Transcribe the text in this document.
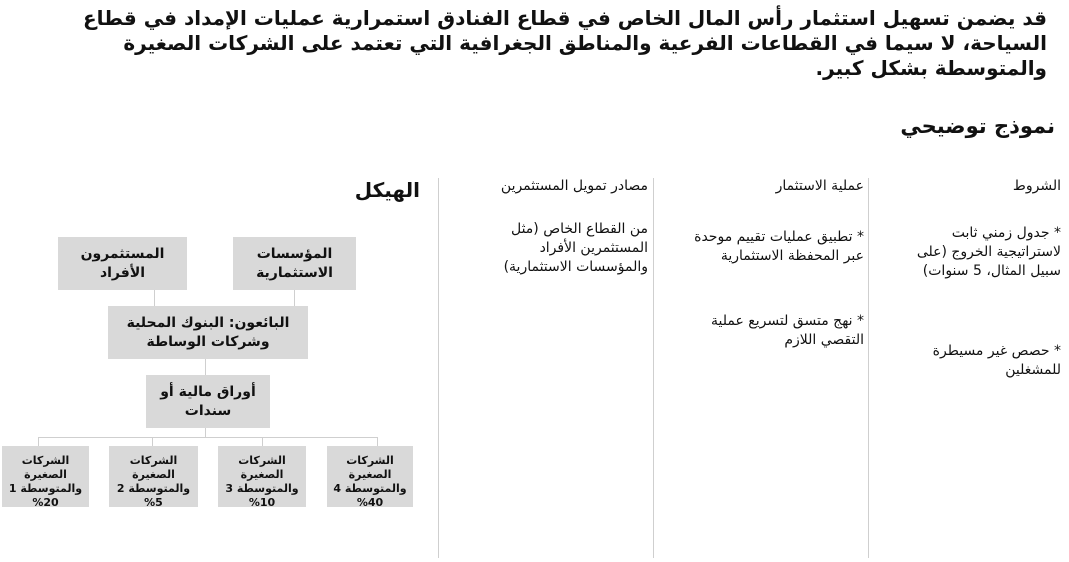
قد يضمن تسهيل استثمار رأس المال الخاص في قطاع الفنادق استمرارية عمليات الإمداد في قطاع السياحة، لا سيما في القطاعات الفرعية والمناطق الجغرافية التي تعتمد على الشركات الصغيرة والمتوسطة بشكل كبير.
نموذج توضيحي
الشروط
* جدول زمني ثابت لاستراتيجية الخروج (على سبيل المثال، 5 سنوات)
* حصص غير مسيطرة للمشغلين
عملية الاستثمار
* تطبيق عمليات تقييم موحدة عبر المحفظة الاستثمارية
* نهج متسق لتسريع عملية التقصي اللازم
مصادر تمويل المستثمرين
من القطاع الخاص (مثل المستثمرين الأفراد والمؤسسات الاستثمارية)
الهيكل
المؤسسات الاستثمارية
المستثمرون الأفراد
البائعون: البنوك المحلية وشركات الوساطة
أوراق مالية أو سندات
الشركات الصغيرة والمتوسطة 4
%40
الشركات الصغيرة والمتوسطة 3
%10
الشركات الصغيرة والمتوسطة 2
%5
الشركات الصغيرة والمتوسطة 1
%20
